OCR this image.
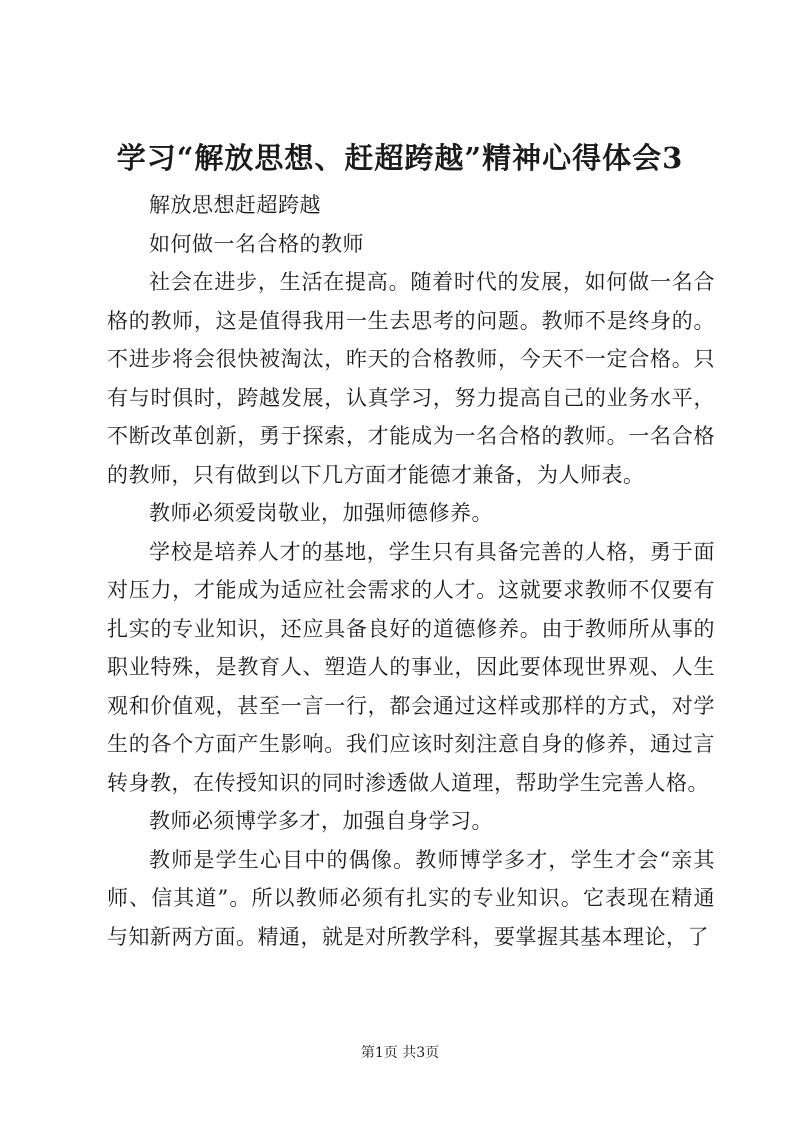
学习“解放思想、赶超跨越”精神心得体会3

解放思想赶超跨越

如何做一名合格的教师

社会在进步，生活在提高。随着时代的发展，如何做一名合格的教师，这是值得我用一生去思考的问题。教师不是终身的。不进步将会很快被淘汰，昨天的合格教师，今天不一定合格。只有与时俱时，跨越发展，认真学习，努力提高自己的业务水平，不断改革创新，勇于探索，才能成为一名合格的教师。一名合格的教师，只有做到以下几方面才能德才兼备，为人师表。

教师必须爱岗敬业，加强师德修养。

学校是培养人才的基地，学生只有具备完善的人格，勇于面对压力，才能成为适应社会需求的人才。这就要求教师不仅要有扎实的专业知识，还应具备良好的道德修养。由于教师所从事的职业特殊，是教育人、塑造人的事业，因此要体现世界观、人生观和价值观，甚至一言一行，都会通过这样或那样的方式，对学生的各个方面产生影响。我们应该时刻注意自身的修养，通过言转身教，在传授知识的同时渗透做人道理，帮助学生完善人格。

教师必须博学多才，加强自身学习。

教师是学生心目中的偶像。教师博学多才，学生才会“亲其师、信其道”。所以教师必须有扎实的专业知识。它表现在精通与知新两方面。精通，就是对所教学科，要掌握其基本理论，了

第1页 共3页
